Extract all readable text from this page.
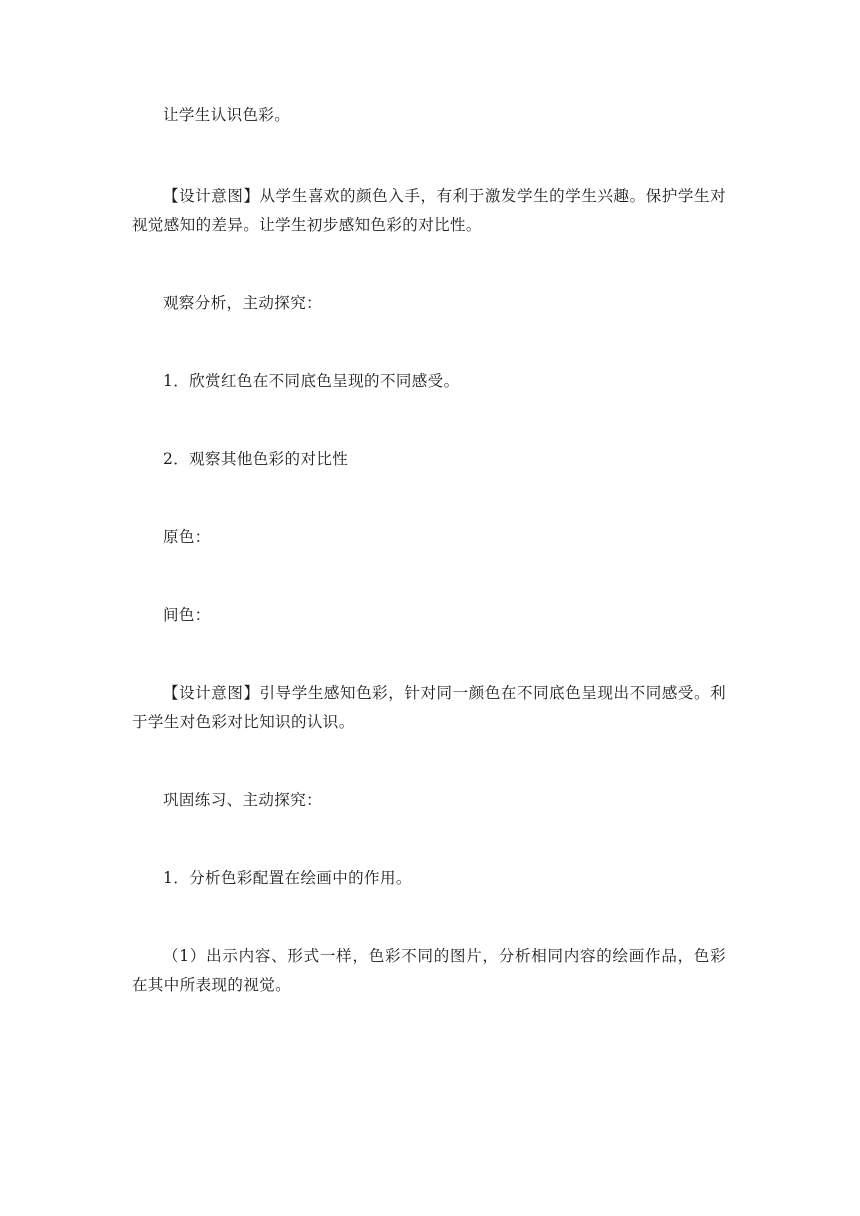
让学生认识色彩。

【设计意图】从学生喜欢的颜色入手，有利于激发学生的学生兴趣。保护学生对视觉感知的差异。让学生初步感知色彩的对比性。

观察分析，主动探究：

1．欣赏红色在不同底色呈现的不同感受。

2．观察其他色彩的对比性

原色：

间色：

【设计意图】引导学生感知色彩，针对同一颜色在不同底色呈现出不同感受。利于学生对色彩对比知识的认识。

巩固练习、主动探究：

1．分析色彩配置在绘画中的作用。

（1）出示内容、形式一样，色彩不同的图片，分析相同内容的绘画作品，色彩在其中所表现的视觉。
